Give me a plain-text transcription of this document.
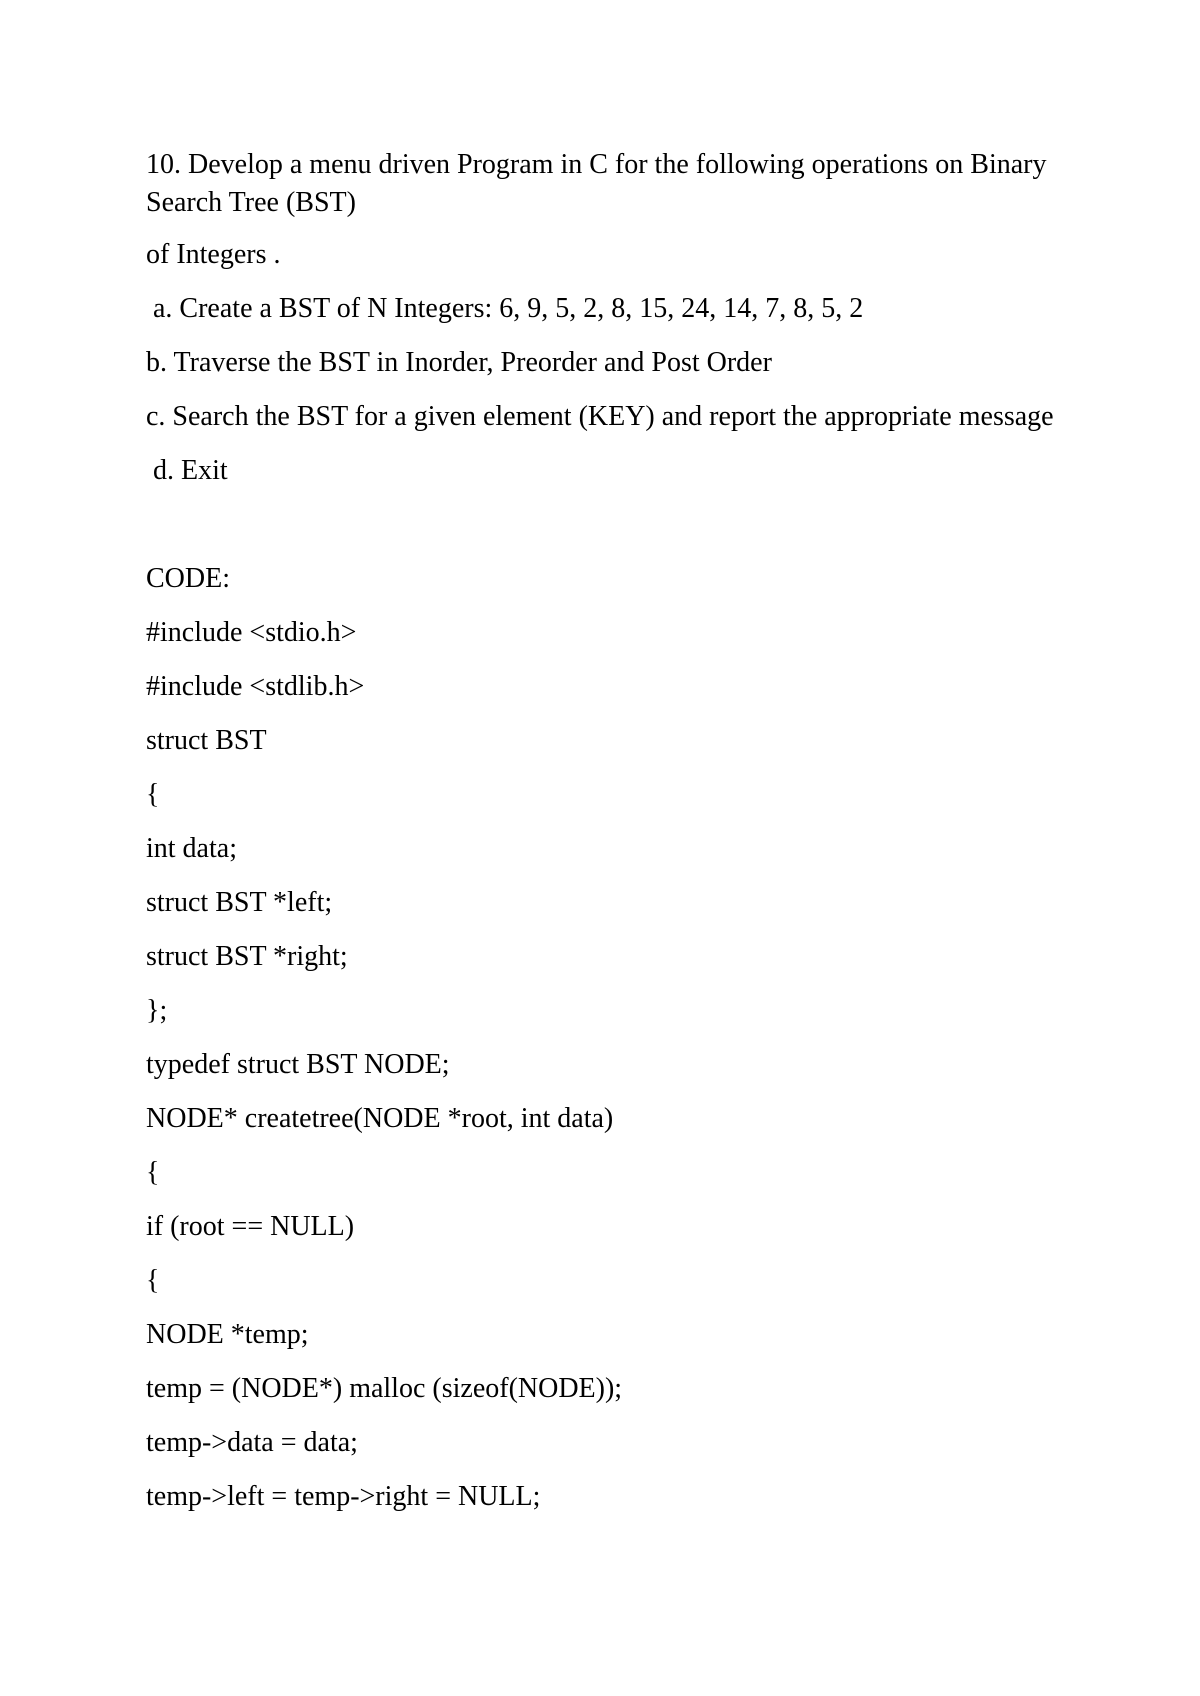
10. Develop a menu driven Program in C for the following operations on Binary Search Tree (BST)

of Integers .

a. Create a BST of N Integers: 6, 9, 5, 2, 8, 15, 24, 14, 7, 8, 5, 2

b. Traverse the BST in Inorder, Preorder and Post Order

c. Search the BST for a given element (KEY) and report the appropriate message

d. Exit

CODE:

#include <stdio.h>

#include <stdlib.h>

struct BST

{

int data;

struct BST *left;

struct BST *right;

};

typedef struct BST NODE;

NODE* createtree(NODE *root, int data)

{

if (root == NULL)

{

NODE *temp;

temp = (NODE*) malloc (sizeof(NODE));

temp->data = data;

temp->left = temp->right = NULL;
